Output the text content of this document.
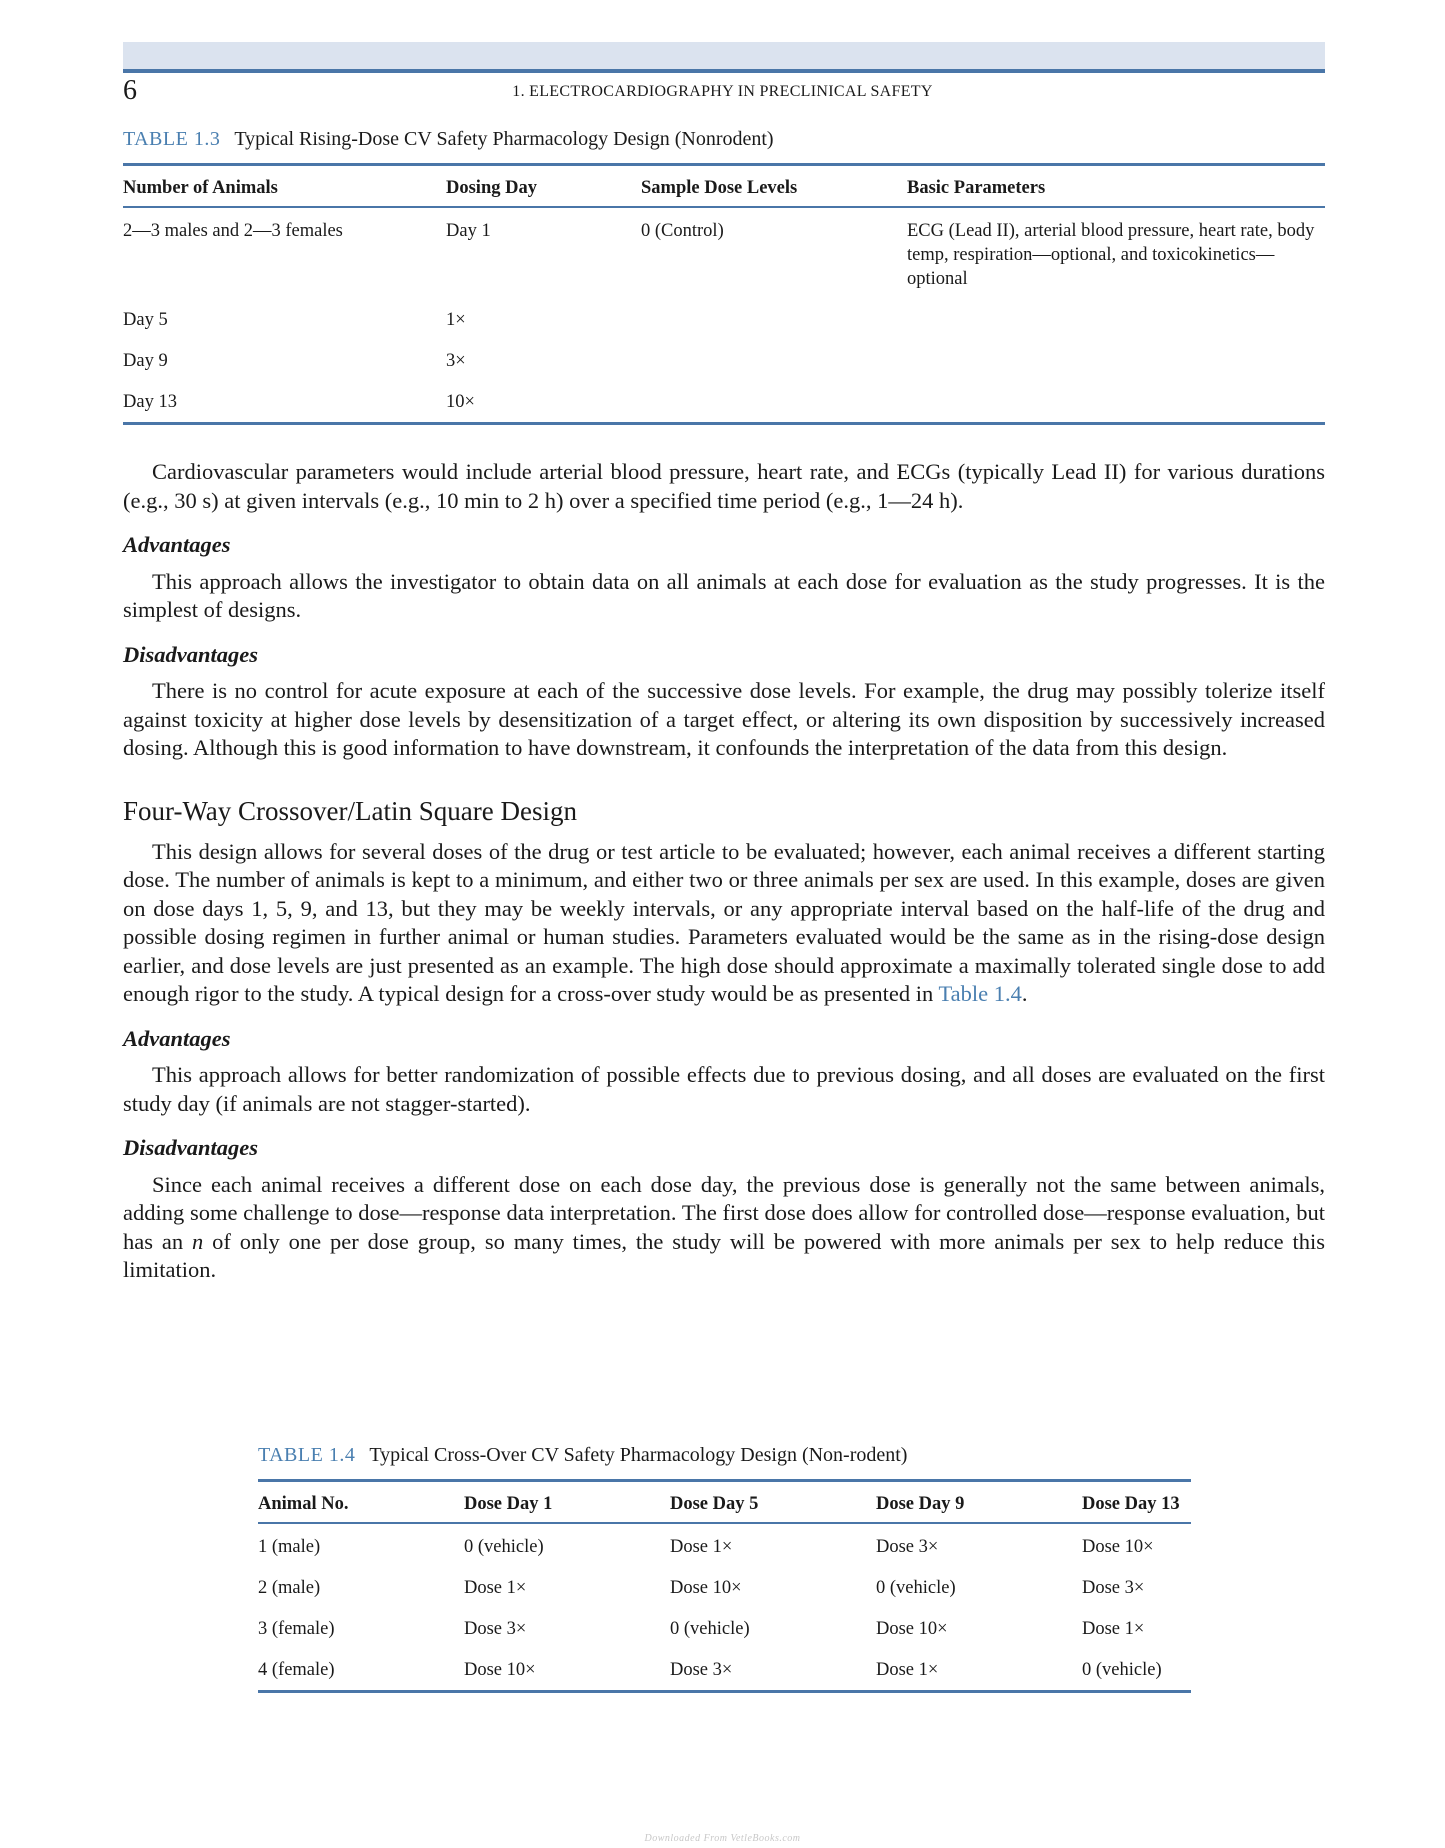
6	1. ELECTROCARDIOGRAPHY IN PRECLINICAL SAFETY

TABLE 1.3 Typical Rising-Dose CV Safety Pharmacology Design (Nonrodent)

Number of Animals	Dosing Day	Sample Dose Levels	Basic Parameters
2—3 males and 2—3 females	Day 1	0 (Control)	ECG (Lead II), arterial blood pressure, heart rate, body temp, respiration—optional, and toxicokinetics—optional
Day 5	1×		
Day 9	3×		
Day 13	10×		

Cardiovascular parameters would include arterial blood pressure, heart rate, and ECGs (typically Lead II) for various durations (e.g., 30 s) at given intervals (e.g., 10 min to 2 h) over a specified time period (e.g., 1—24 h).

Advantages

This approach allows the investigator to obtain data on all animals at each dose for evaluation as the study progresses. It is the simplest of designs.

Disadvantages

There is no control for acute exposure at each of the successive dose levels. For example, the drug may possibly tolerize itself against toxicity at higher dose levels by desensitization of a target effect, or altering its own disposition by successively increased dosing. Although this is good information to have downstream, it confounds the interpretation of the data from this design.

Four-Way Crossover/Latin Square Design

This design allows for several doses of the drug or test article to be evaluated; however, each animal receives a different starting dose. The number of animals is kept to a minimum, and either two or three animals per sex are used. In this example, doses are given on dose days 1, 5, 9, and 13, but they may be weekly intervals, or any appropriate interval based on the half-life of the drug and possible dosing regimen in further animal or human studies. Parameters evaluated would be the same as in the rising-dose design earlier, and dose levels are just presented as an example. The high dose should approximate a maximally tolerated single dose to add enough rigor to the study. A typical design for a cross-over study would be as presented in Table 1.4.

Advantages

This approach allows for better randomization of possible effects due to previous dosing, and all doses are evaluated on the first study day (if animals are not stagger-started).

Disadvantages

Since each animal receives a different dose on each dose day, the previous dose is generally not the same between animals, adding some challenge to dose—response data interpretation. The first dose does allow for controlled dose—response evaluation, but has an n of only one per dose group, so many times, the study will be powered with more animals per sex to help reduce this limitation.

TABLE 1.4 Typical Cross-Over CV Safety Pharmacology Design (Non-rodent)

Animal No.	Dose Day 1	Dose Day 5	Dose Day 9	Dose Day 13
1 (male)	0 (vehicle)	Dose 1×	Dose 3×	Dose 10×
2 (male)	Dose 1×	Dose 10×	0 (vehicle)	Dose 3×
3 (female)	Dose 3×	0 (vehicle)	Dose 10×	Dose 1×
4 (female)	Dose 10×	Dose 3×	Dose 1×	0 (vehicle)
Downloaded From VetleBooks.com
